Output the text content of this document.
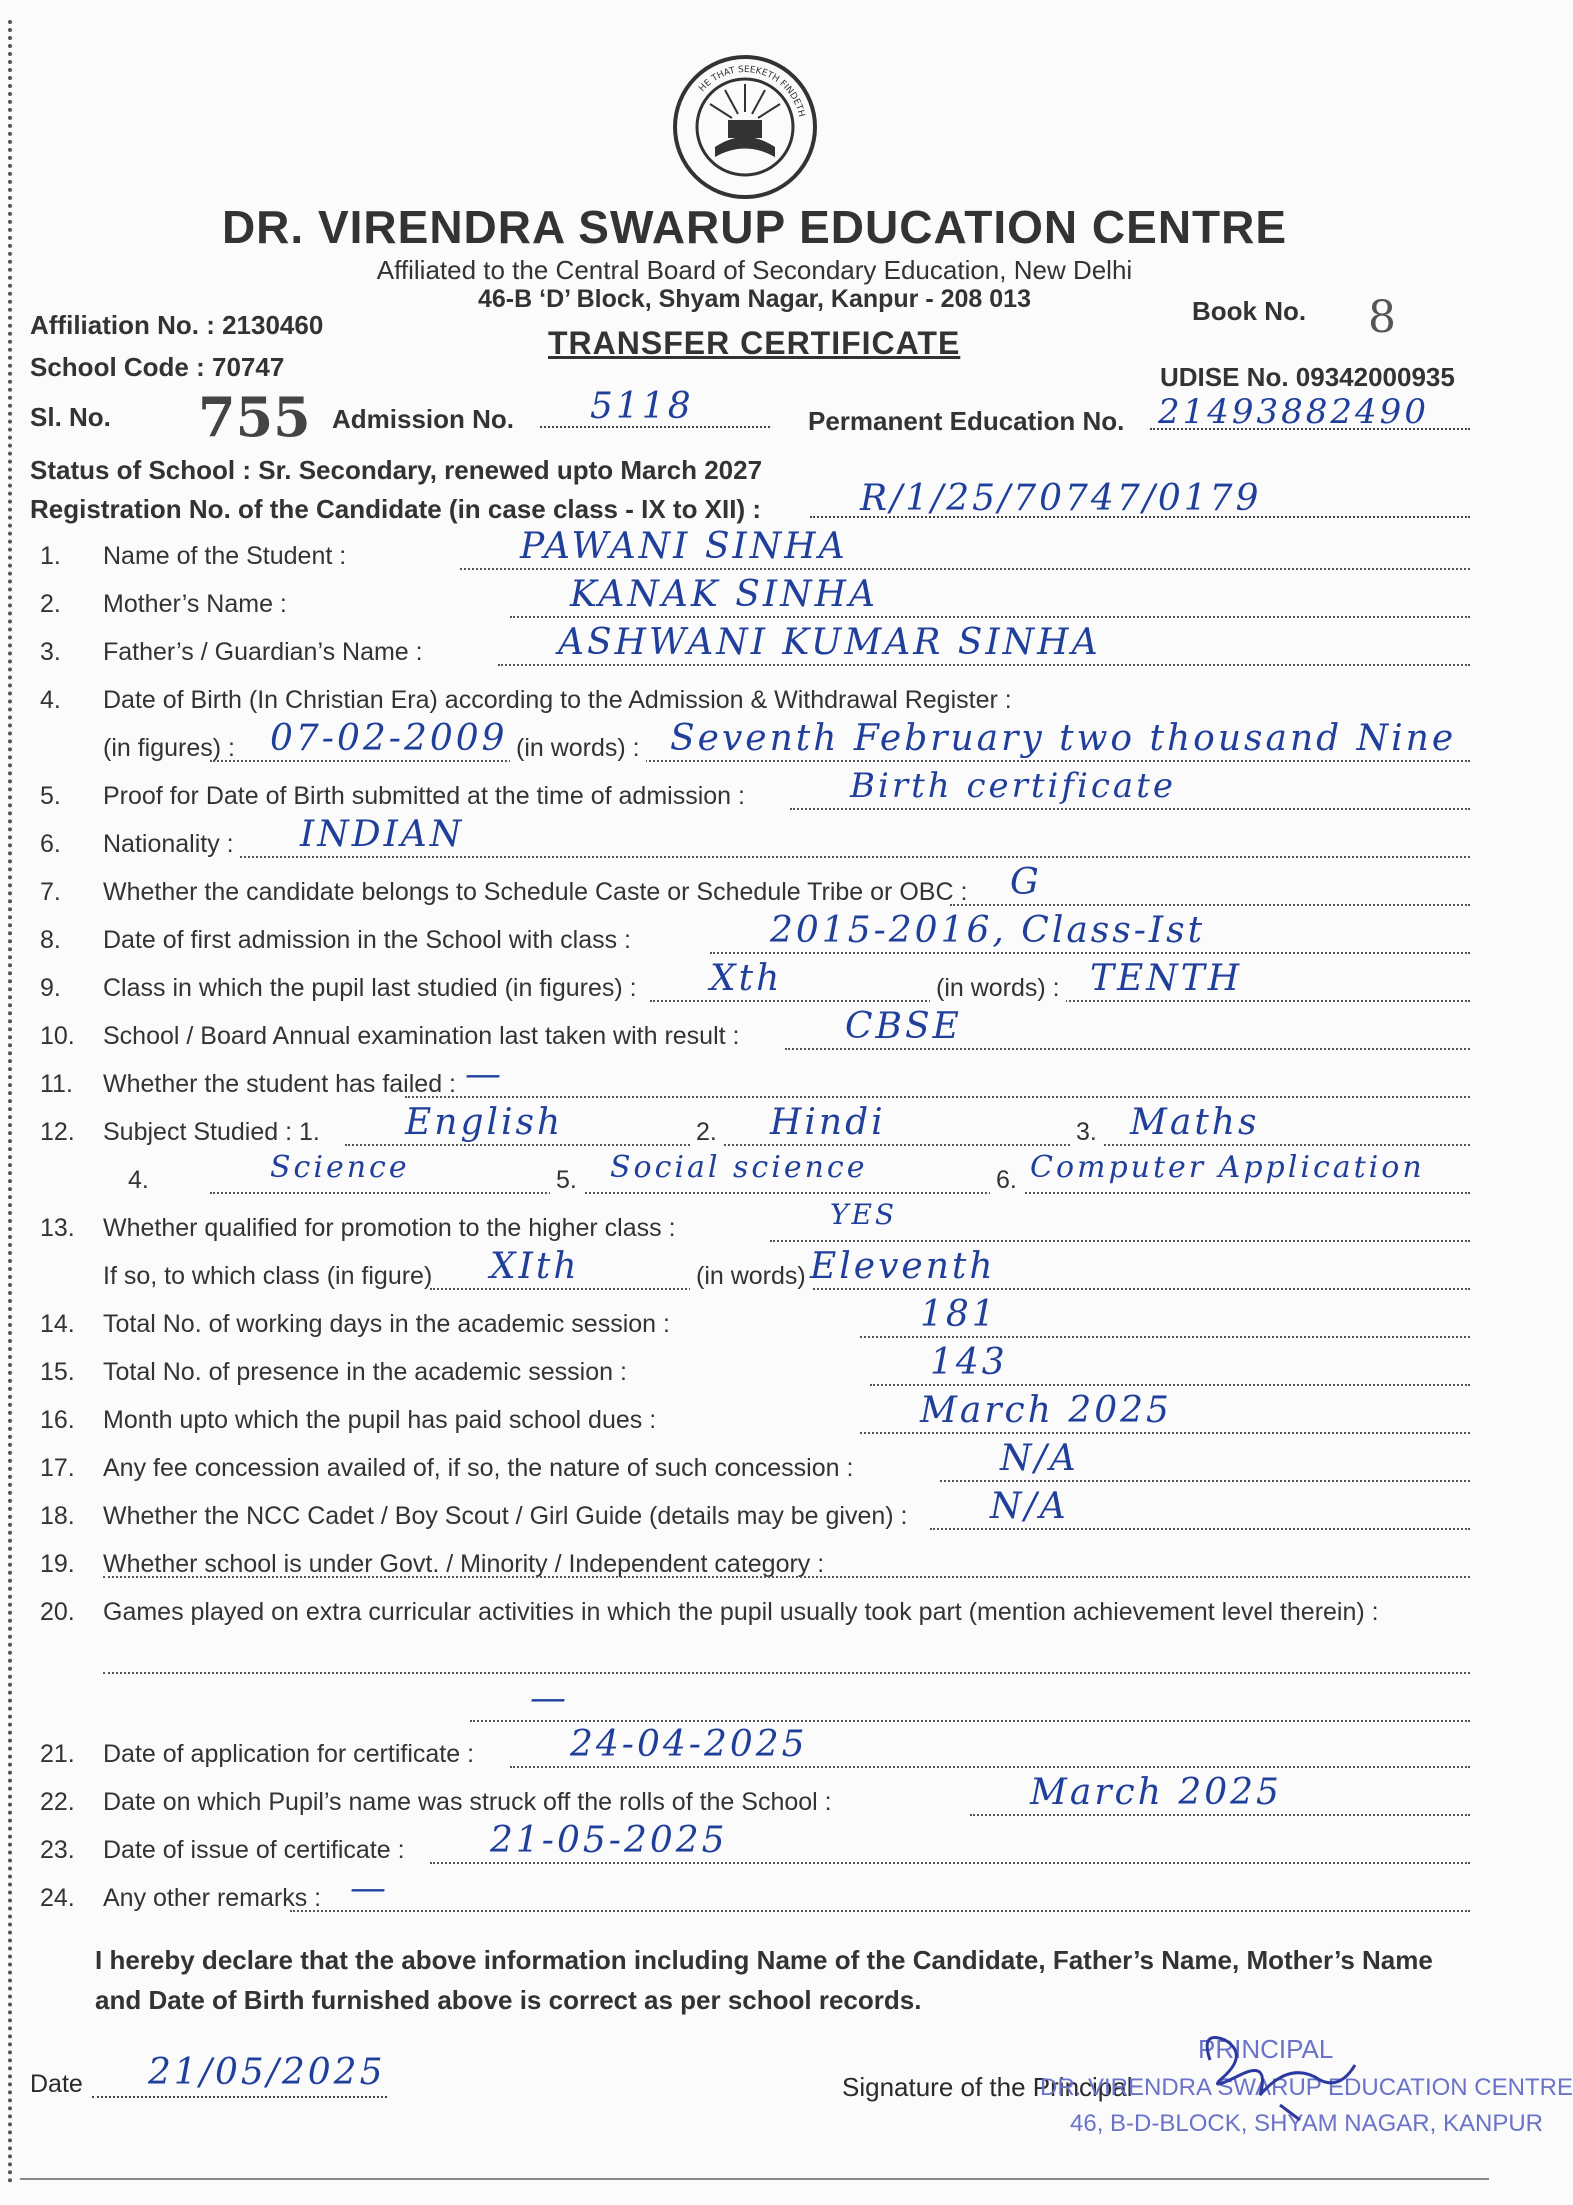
HE THAT SEEKETH FINDETH
DR. VIRENDRA SWARUP EDUCATION CENTRE
Affiliated to the Central Board of Secondary Education, New Delhi
46-B ‘D’ Block, Shyam Nagar, Kanpur - 208 013
TRANSFER CERTIFICATE
Affiliation No. : 2130460
School Code : 70747
Book No. 8
UDISE No. 09342000935
Sl. No. 755 Admission No. 5118	Permanent Education No. 21493882490
Status of School : Sr. Secondary, renewed upto March 2027
Registration No. of the Candidate (in case class - IX to XII) :	R/1/25/70747/0179
1.	Name of the Student :	PAWANI SINHA
2.	Mother’s Name :	KANAK SINHA
3.	Father’s / Guardian’s Name :	ASHWANI KUMAR SINHA
4.	Date of Birth (In Christian Era) according to the Admission & Withdrawal Register :
(in figures) : 07-02-2009 (in words) : Seventh February two thousand Nine
5.	Proof for Date of Birth submitted at the time of admission :	Birth certificate
6.	Nationality : INDIAN
7.	Whether the candidate belongs to Schedule Caste or Schedule Tribe or OBC : G
8.	Date of first admission in the School with class :	2015-2016, Class-Ist
9.	Class in which the pupil last studied (in figures) : Xth	(in words) : TENTH
10.	School / Board Annual examination last taken with result :	CBSE
11.	Whether the student has failed : —
12.	Subject Studied : 1. English	2. Hindi	3. Maths
4.	Science	5. Social science	6. Computer Application
13.	Whether qualified for promotion to the higher class :	YES
If so, to which class (in figure) XIth	(in words) Eleventh
14.	Total No. of working days in the academic session :	181
15.	Total No. of presence in the academic session :	143
16.	Month upto which the pupil has paid school dues :	March 2025
17.	Any fee concession availed of, if so, the nature of such concession :	N/A
18.	Whether the NCC Cadet / Boy Scout / Girl Guide (details may be given) : N/A
19.	Whether school is under Govt. / Minority / Independent category :
20.	Games played on extra curricular activities in which the pupil usually took part (mention achievement level therein) :
—
21.	Date of application for certificate :	24-04-2025
22.	Date on which Pupil’s name was struck off the rolls of the School :	March 2025
23.	Date of issue of certificate : 21-05-2025
24.	Any other remarks : —
I hereby declare that the above information including Name of the Candidate, Father’s Name, Mother’s Name and Date of Birth furnished above is correct as per school records.
Date 21/05/2025	Signature of the Principal
PRINCIPAL
DR. VIRENDRA SWARUP EDUCATION CENTRE
46, B-D-BLOCK, SHYAM NAGAR, KANPUR
